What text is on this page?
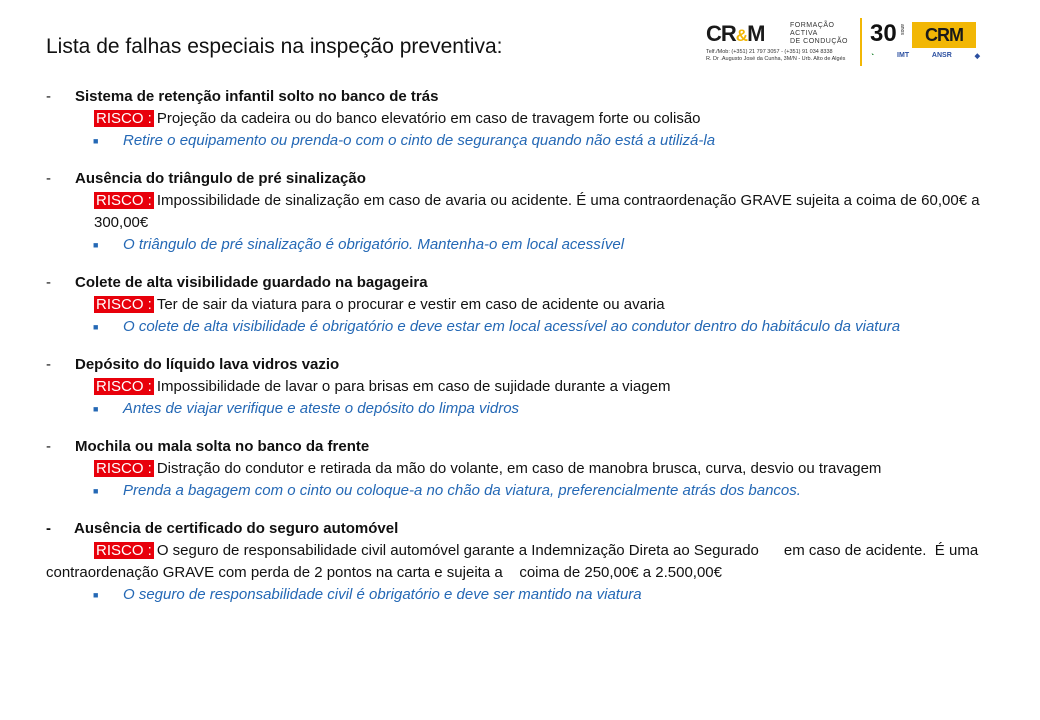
Lista de falhas especiais na inspeção preventiva:
CR&M	FORMAÇÃO
ACTIVA
DE CONDUÇÃO
Telf./Mob: (+351) 21 797 3057 - (+351) 91 034 8338
R. Dr .Augusto José da Cunha, 3M/N - Urb. Alto de Algés
30 anos	CRM
◔	IMT	ANSR	◆
-	Sistema de retenção infantil solto no banco de trás
RISCO : Projeção da cadeira ou do banco elevatório em caso de travagem forte ou colisão
■	Retire o equipamento ou prenda-o com o cinto de segurança quando não está a utilizá-la
-	Ausência do triângulo de pré sinalização
RISCO : Impossibilidade de sinalização em caso de avaria ou acidente. É uma contraordenação GRAVE sujeita a coima de 60,00€ a 300,00€
■	O triângulo de pré sinalização é obrigatório. Mantenha-o em local acessível
-	Colete de alta visibilidade guardado na bagageira
RISCO : Ter de sair da viatura para o procurar e vestir em caso de acidente ou avaria
■	O colete de alta visibilidade é obrigatório e deve estar em local acessível ao condutor dentro do habitáculo da viatura
-	Depósito do líquido lava vidros vazio
RISCO : Impossibilidade de lavar o para brisas em caso de sujidade durante a viagem
■	Antes de viajar verifique e ateste o depósito do limpa vidros
-	Mochila ou mala solta no banco da frente
RISCO : Distração do condutor e retirada da mão do volante, em caso de manobra brusca, curva, desvio ou travagem
■	Prenda a bagagem com o cinto ou coloque-a no chão da viatura, preferencialmente atrás dos bancos.
-	Ausência de certificado do seguro automóvel
RISCO : O seguro de responsabilidade civil automóvel garante a Indemnização Direta ao Segurado      em caso de acidente.  É uma contraordenação GRAVE com perda de 2 pontos na carta e sujeita a    coima de 250,00€ a 2.500,00€
■	O seguro de responsabilidade civil é obrigatório e deve ser mantido na viatura
